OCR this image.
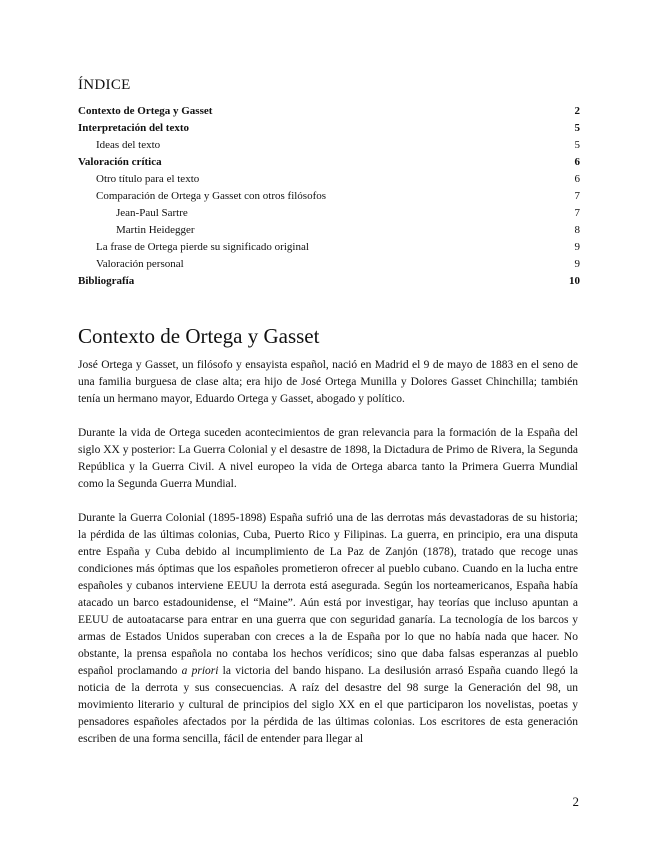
ÍNDICE
Contexto de Ortega y Gasset	2
Interpretación del texto	5
Ideas del texto	5
Valoración crítica	6
Otro título para el texto	6
Comparación de Ortega y Gasset con otros filósofos	7
Jean-Paul Sartre	7
Martin Heidegger	8
La frase de Ortega pierde su significado original	9
Valoración personal	9
Bibliografía	10
Contexto de Ortega y Gasset

José Ortega y Gasset, un filósofo y ensayista español, nació en Madrid el 9 de mayo de 1883 en el seno de una familia burguesa de clase alta; era hijo de José Ortega Munilla y Dolores Gasset Chinchilla; también tenía un hermano mayor, Eduardo Ortega y Gasset, abogado y político.

Durante la vida de Ortega suceden acontecimientos de gran relevancia para la formación de la España del siglo XX y posterior: La Guerra Colonial y el desastre de 1898, la Dictadura de Primo de Rivera, la Segunda República y la Guerra Civil. A nivel europeo la vida de Ortega abarca tanto la Primera Guerra Mundial como la Segunda Guerra Mundial.

Durante la Guerra Colonial (1895-1898) España sufrió una de las derrotas más devastadoras de su historia; la pérdida de las últimas colonias, Cuba, Puerto Rico y Filipinas. La guerra, en principio, era una disputa entre España y Cuba debido al incumplimiento de La Paz de Zanjón (1878), tratado que recoge unas condiciones más óptimas que los españoles prometieron ofrecer al pueblo cubano. Cuando en la lucha entre españoles y cubanos interviene EEUU la derrota está asegurada. Según los norteamericanos, España había atacado un barco estadounidense, el “Maine”. Aún está por investigar, hay teorías que incluso apuntan a EEUU de autoatacarse para entrar en una guerra que con seguridad ganaría. La tecnología de los barcos y armas de Estados Unidos superaban con creces a la de España por lo que no había nada que hacer. No obstante, la prensa española no contaba los hechos verídicos; sino que daba falsas esperanzas al pueblo español proclamando a priori la victoria del bando hispano. La desilusión arrasó España cuando llegó la noticia de la derrota y sus consecuencias. A raíz del desastre del 98 surge la Generación del 98, un movimiento literario y cultural de principios del siglo XX en el que participaron los novelistas, poetas y pensadores españoles afectados por la pérdida de las últimas colonias. Los escritores de esta generación escriben de una forma sencilla, fácil de entender para llegar al

2
